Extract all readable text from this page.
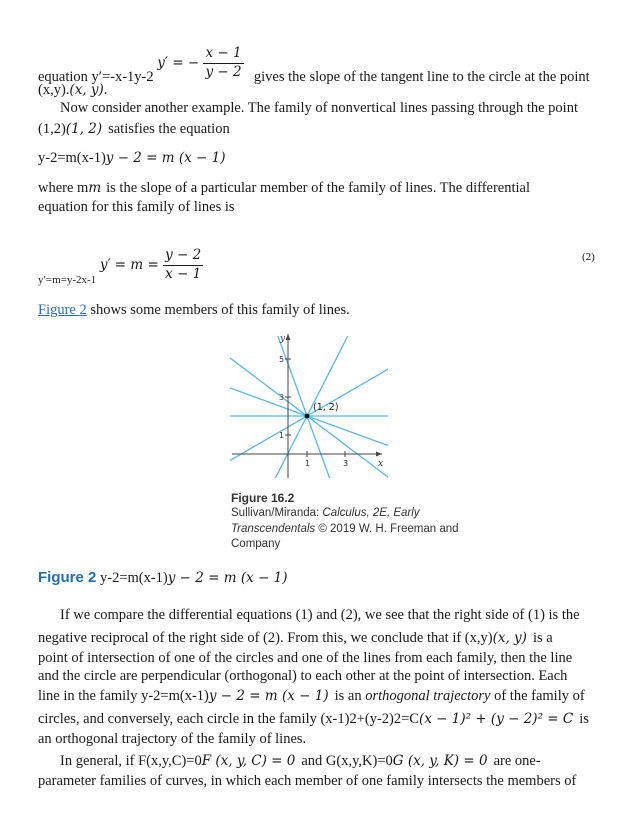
equation y′=-x-1y-2 y′ = − $\frac{x - 1}{y - 2}$ gives the slope of the tangent line to the circle at the point
(x,y).(x, y).
Now consider another example. The family of nonvertical lines passing through the point
(1,2)(1, 2) satisfies the equation
y-2=m(x-1)y − 2 = m (x − 1)
where mm is the slope of a particular member of the family of lines. The differential
equation for this family of lines is
$_{y'=m=y-2x-1}$ $y' = m = \frac{y - 2}{x - 1}$	(2)
Figure 2 shows some members of this family of lines.
y
x
5
3
1
1	3
(1, 2)
Figure 16.2
Sullivan/Miranda: Calculus, 2E, Early Transcendentals © 2019 W. H. Freeman and Company
Figure 2 y-2=m(x-1)y − 2 = m (x − 1)
If we compare the differential equations (1) and (2), we see that the right side of (1) is the
negative reciprocal of the right side of (2). From this, we conclude that if (x,y)(x, y) is a
point of intersection of one of the circles and one of the lines from each family, then the line
and the circle are perpendicular (orthogonal) to each other at the point of intersection. Each
line in the family y-2=m(x-1)y − 2 = m (x − 1) is an orthogonal trajectory of the family of
circles, and conversely, each circle in the family (x-1)2+(y-2)2=C(x − 1)² + (y − 2)² = C is
an orthogonal trajectory of the family of lines.
In general, if F(x,y,C)=0F (x, y, C) = 0 and G(x,y,K)=0G (x, y, K) = 0 are one-
parameter families of curves, in which each member of one family intersects the members of
